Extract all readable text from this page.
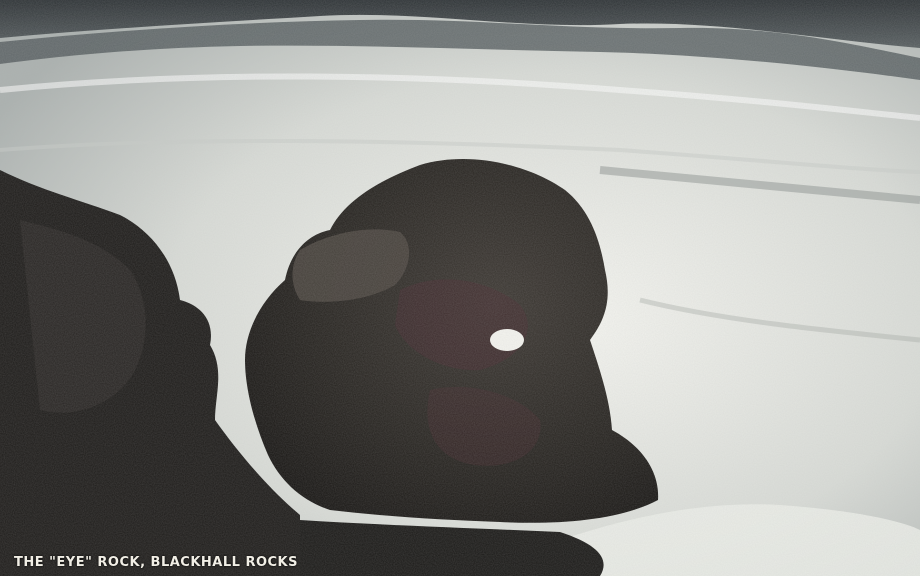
THE "EYE" ROCK, BLACKHALL ROCKS
